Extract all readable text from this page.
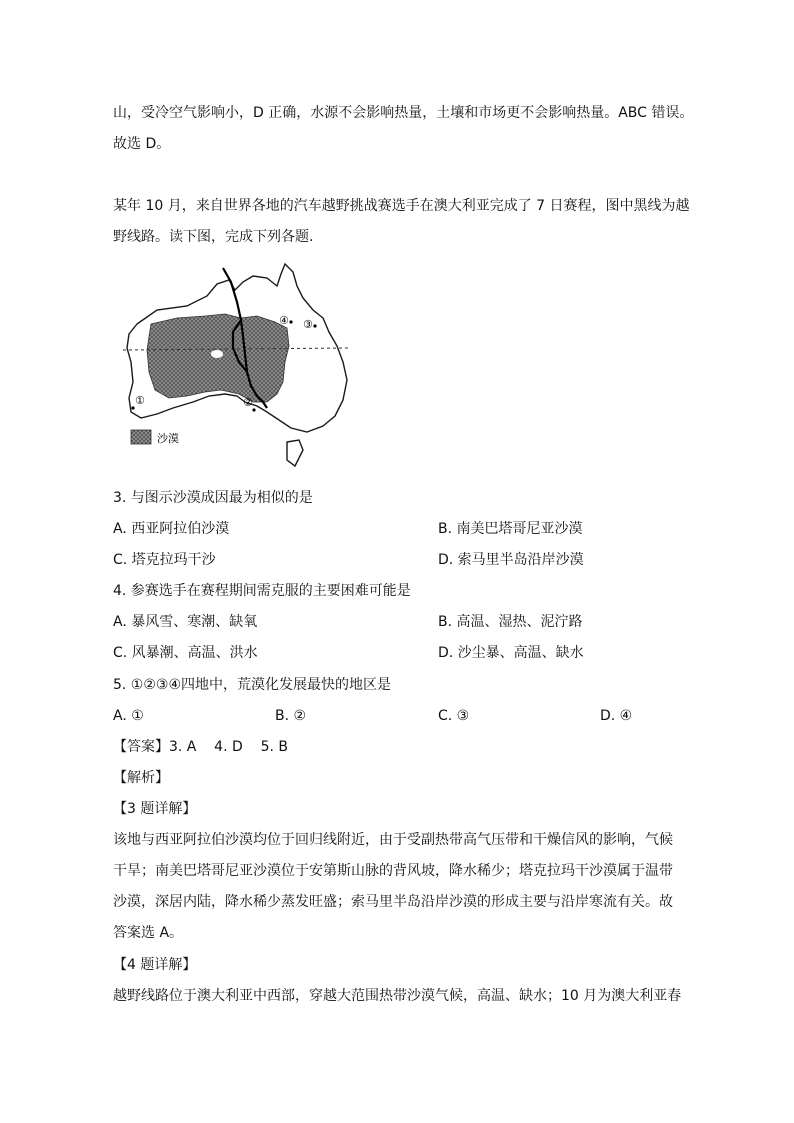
山，受冷空气影响小，D 正确，水源不会影响热量，土壤和市场更不会影响热量。ABC 错误。
故选 D。
某年 10 月，来自世界各地的汽车越野挑战赛选手在澳大利亚完成了 7 日赛程，图中黑线为越
野线路。读下图，完成下列各题.
①	②
③
④
沙漠
3. 与图示沙漠成因最为相似的是
A. 西亚阿拉伯沙漠	B. 南美巴塔哥尼亚沙漠
C. 塔克拉玛干沙	D. 索马里半岛沿岸沙漠
4. 参赛选手在赛程期间需克服的主要困难可能是
A. 暴风雪、寒潮、缺氧	B. 高温、湿热、泥泞路
C. 风暴潮、高温、洪水	D. 沙尘暴、高温、缺水
5. ①②③④四地中，荒漠化发展最快的地区是
A. ①	B. ②	C. ③	D. ④
【答案】3. A    4. D    5. B
【解析】
【3 题详解】
该地与西亚阿拉伯沙漠均位于回归线附近，由于受副热带高气压带和干燥信风的影响，气候
干旱；南美巴塔哥尼亚沙漠位于安第斯山脉的背风坡，降水稀少；塔克拉玛干沙漠属于温带
沙漠，深居内陆，降水稀少蒸发旺盛；索马里半岛沿岸沙漠的形成主要与沿岸寒流有关。故
答案选 A。
【4 题详解】
越野线路位于澳大利亚中西部，穿越大范围热带沙漠气候，高温、缺水；10 月为澳大利亚春
